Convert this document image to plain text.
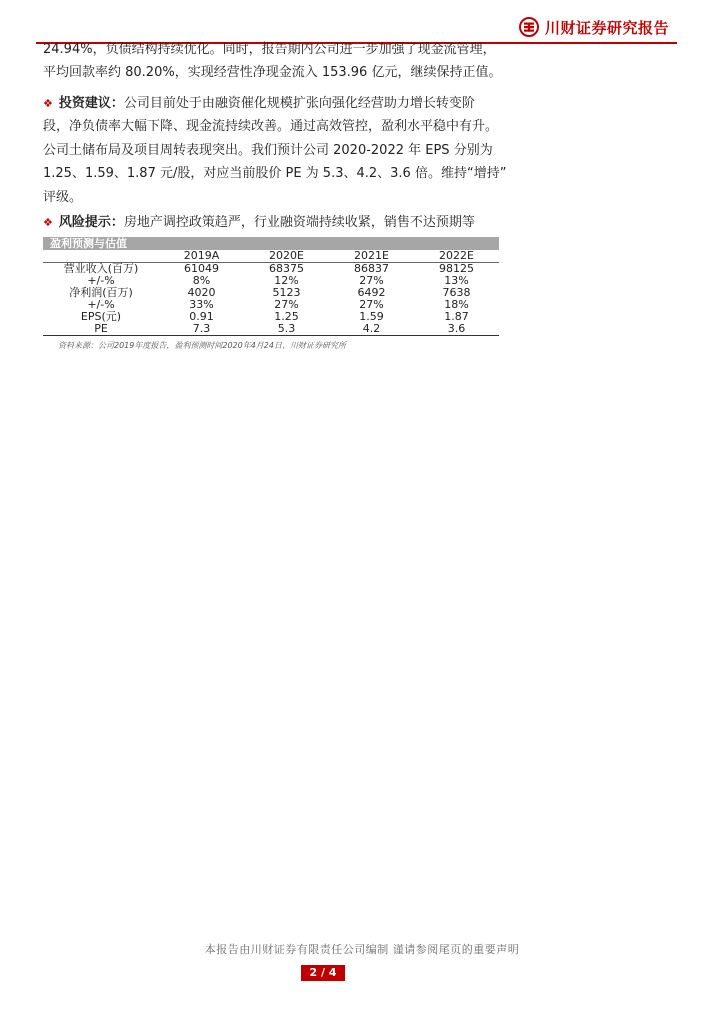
川财证券研究报告
24.94%，负债结构持续优化。同时，报告期内公司进一步加强了现金流管理，
平均回款率约 80.20%，实现经营性净现金流入 153.96 亿元，继续保持正值。
❖ 投资建议：公司目前处于由融资催化规模扩张向强化经营助力增长转变阶
段，净负债率大幅下降、现金流持续改善。通过高效管控，盈利水平稳中有升。
公司土储布局及项目周转表现突出。我们预计公司 2020-2022 年 EPS 分别为
1.25、1.59、1.87 元/股，对应当前股价 PE 为 5.3、4.2、3.6 倍。维持“增持”
评级。
❖ 风险提示：房地产调控政策趋严，行业融资端持续收紧，销售不达预期等
盈利预测与估值
	2019A	2020E	2021E	2022E
营业收入(百万)	61049	68375	86837	98125
+/-%	8%	12%	27%	13%
净利润(百万)	4020	5123	6492	7638
+/-%	33%	27%	27%	18%
EPS(元)	0.91	1.25	1.59	1.87
PE	7.3	5.3	4.2	3.6
资料来源：公司2019年度报告，盈利预测时间2020年4月24日、川财证券研究所
本报告由川财证券有限责任公司编制 谨请参阅尾页的重要声明
2 / 4
